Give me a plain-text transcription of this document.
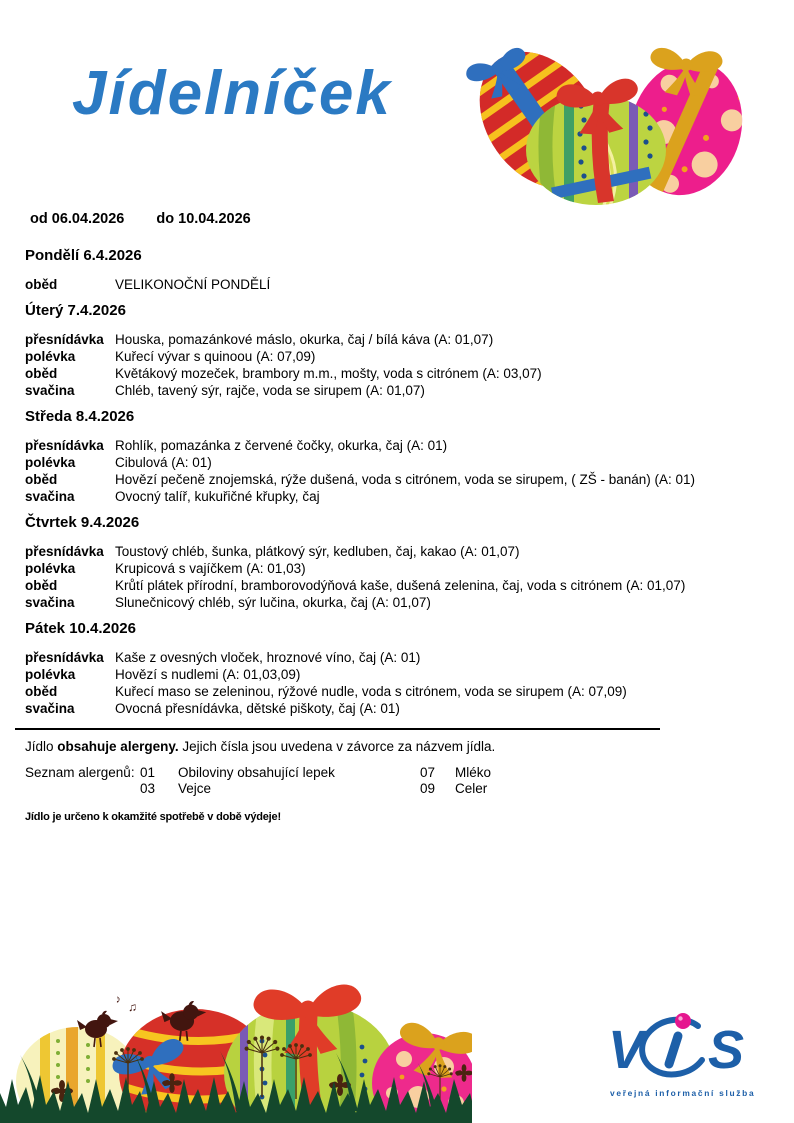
Jídelníček
od 06.04.2026 do 10.04.2026
Pondělí 6.4.2026
oběd	VELIKONOČNÍ PONDĚLÍ
Úterý 7.4.2026
přesnídávka Houska, pomazánkové máslo, okurka, čaj / bílá káva (A: 01,07)
polévka	Kuřecí vývar s quinoou (A: 07,09)
oběd	Květákový mozeček, brambory m.m., mošty, voda s citrónem (A: 03,07)
svačina	Chléb, tavený sýr, rajče, voda se sirupem (A: 01,07)
Středa 8.4.2026
přesnídávka Rohlík, pomazánka z červené čočky, okurka, čaj (A: 01)
polévka	Cibulová (A: 01)
oběd	Hovězí pečeně znojemská, rýže dušená, voda s citrónem, voda se sirupem, ( ZŠ - banán) (A: 01)
svačina	Ovocný talíř, kukuřičné křupky, čaj
Čtvrtek 9.4.2026
přesnídávka Toustový chléb, šunka, plátkový sýr, kedluben, čaj, kakao (A: 01,07)
polévka	Krupicová s vajíčkem (A: 01,03)
oběd	Krůtí plátek přírodní, bramborovodýňová kaše, dušená zelenina, čaj, voda s citrónem (A: 01,07)
svačina	Slunečnicový chléb, sýr lučina, okurka, čaj (A: 01,07)
Pátek 10.4.2026
přesnídávka Kaše z ovesných vloček, hroznové víno, čaj (A: 01)
polévka	Hovězí s nudlemi (A: 01,03,09)
oběd	Kuřecí maso se zeleninou, rýžové nudle, voda s citrónem, voda se sirupem (A: 07,09)
svačina	Ovocná přesnídávka, dětské piškoty, čaj (A: 01)
Jídlo obsahuje alergeny. Jejich čísla jsou uvedena v závorce za názvem jídla.
Seznam alergenů: 01	Obiloviny obsahující lepek	07	Mléko
03	Vejce	09	Celer
Jídlo je určeno k okamžité spotřebě v době výdeje!
♪
♫
V S
veřejná informační služba
